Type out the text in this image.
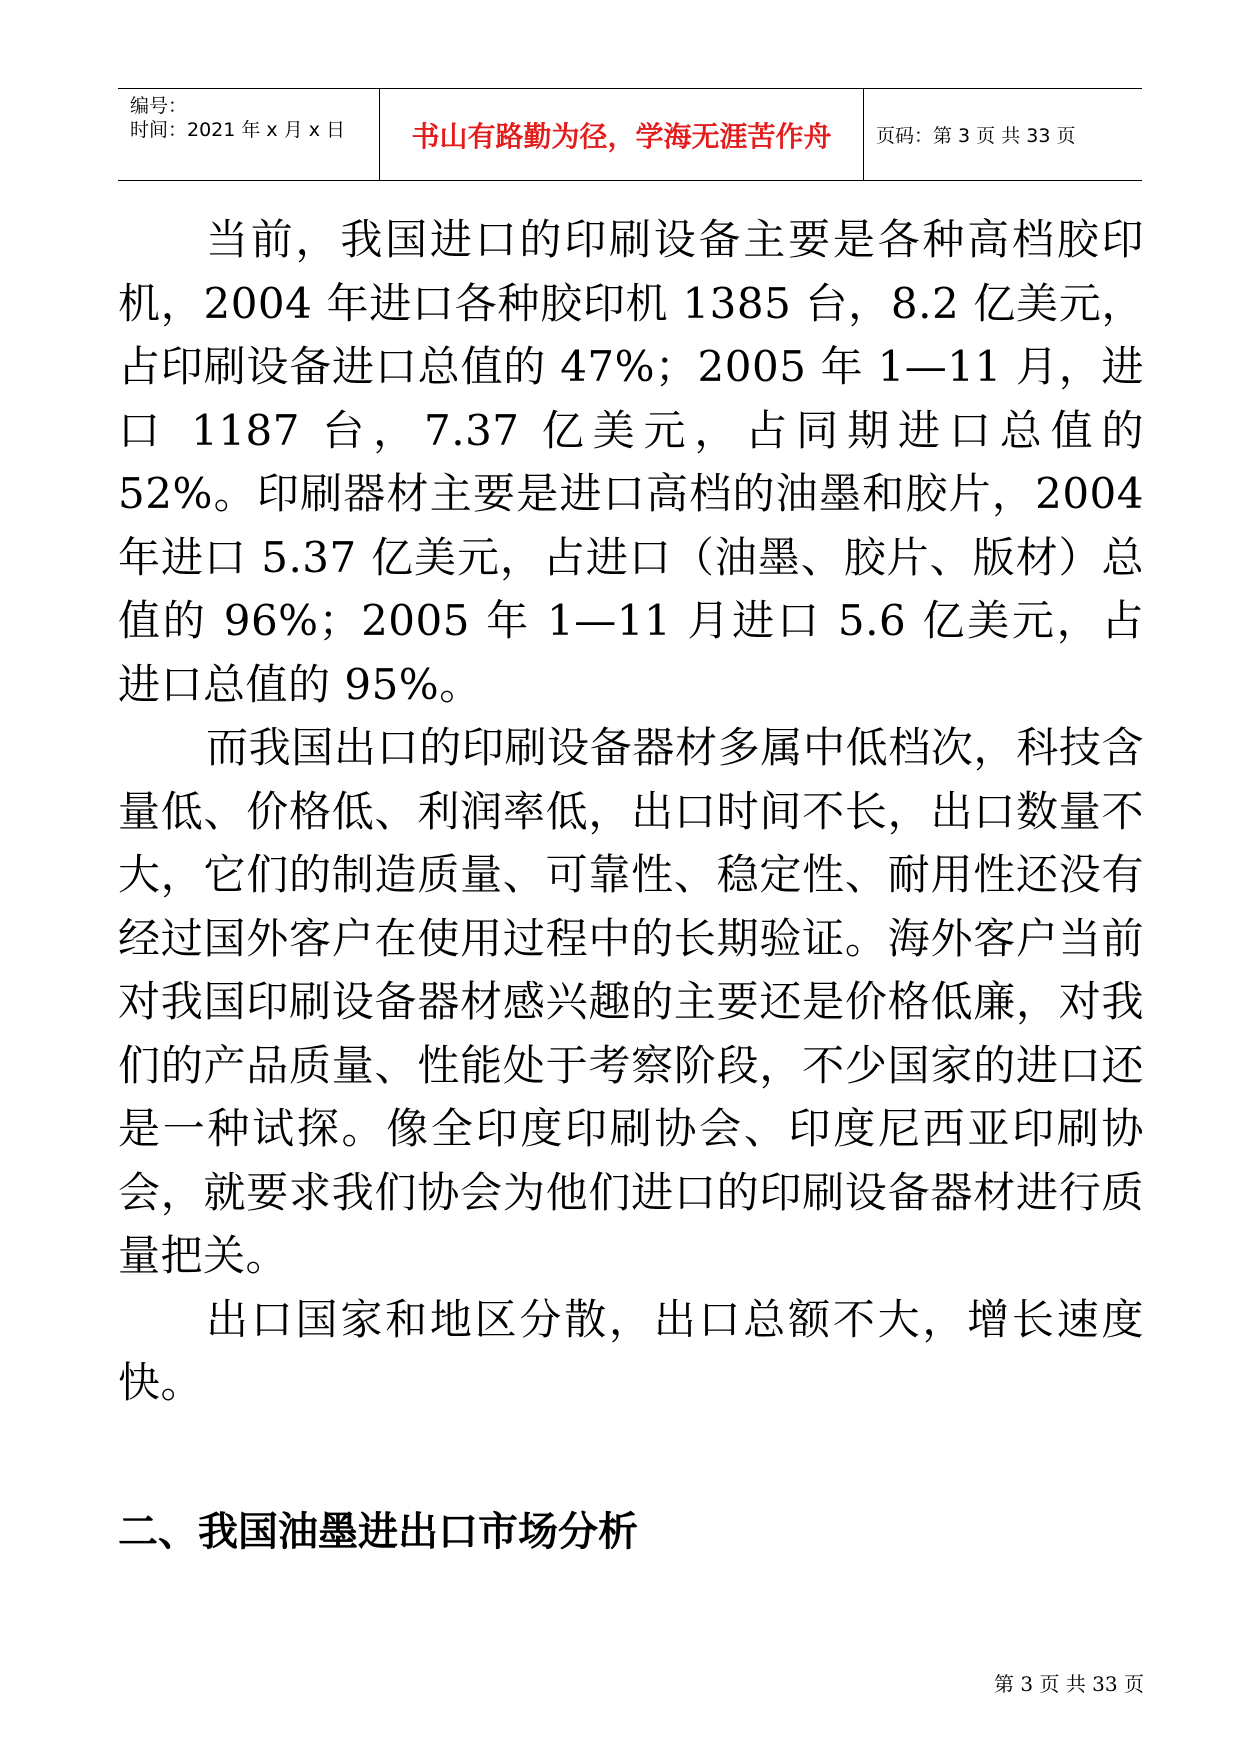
编号：
时间：2021 年 x 月 x 日	书山有路勤为径，学海无涯苦作舟 页码：第 3 页 共 33 页

当前，我国进口的印刷设备主要是各种高档胶印机，2004 年进口各种胶印机 1385 台，8.2 亿美元，占印刷设备进口总值的 47%；2005 年 1—11 月，进口 1187 台，7.37 亿美元，占同期进口总值的 52%。印刷器材主要是进口高档的油墨和胶片，2004 年进口 5.37 亿美元，占进口（油墨、胶片、版材）总值的 96%；2005 年 1—11 月进口 5.6 亿美元，占进口总值的 95%。

而我国出口的印刷设备器材多属中低档次，科技含量低、价格低、利润率低，出口时间不长，出口数量不大，它们的制造质量、可靠性、稳定性、耐用性还没有经过国外客户在使用过程中的长期验证。海外客户当前对我国印刷设备器材感兴趣的主要还是价格低廉，对我们的产品质量、性能处于考察阶段，不少国家的进口还是一种试探。像全印度印刷协会、印度尼西亚印刷协会，就要求我们协会为他们进口的印刷设备器材进行质量把关。

出口国家和地区分散，出口总额不大，增长速度快。

二、我国油墨进出口市场分析
第 3 页 共 33 页
